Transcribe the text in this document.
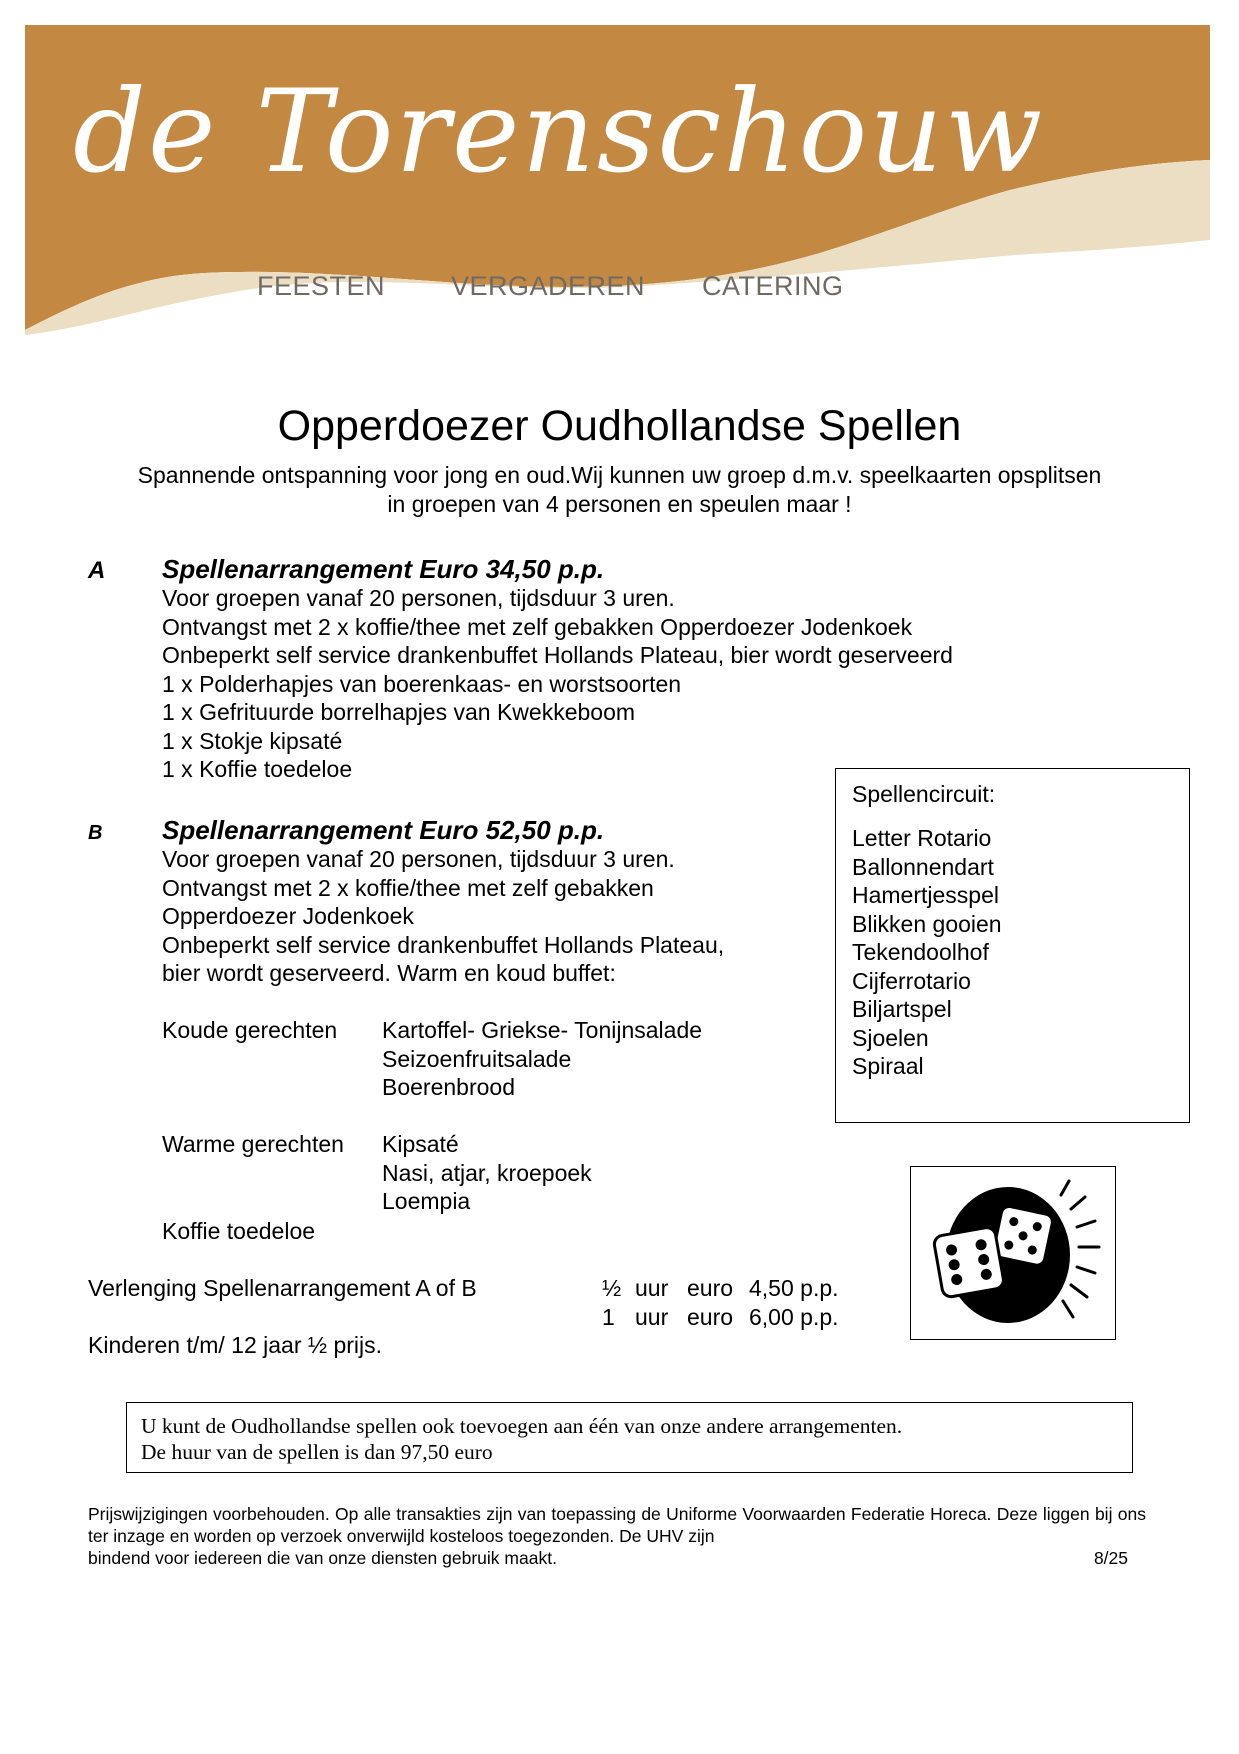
de Torenschouw
FEESTEN VERGADEREN CATERING
Opperdoezer Oudhollandse Spellen
Spannende ontspanning voor jong en oud.Wij kunnen uw groep d.m.v. speelkaarten opsplitsen
in groepen van 4 personen en speulen maar !
A Spellenarrangement Euro 34,50 p.p.
Voor groepen vanaf 20 personen, tijdsduur 3 uren.
Ontvangst met 2 x koffie/thee met zelf gebakken Opperdoezer Jodenkoek
Onbeperkt self service drankenbuffet Hollands Plateau, bier wordt geserveerd
1 x Polderhapjes van boerenkaas- en worstsoorten
1 x Gefrituurde borrelhapjes van Kwekkeboom
1 x Stokje kipsaté
1 x Koffie toedeloe
B Spellenarrangement Euro 52,50 p.p.
Voor groepen vanaf 20 personen, tijdsduur 3 uren.
Ontvangst met 2 x koffie/thee met zelf gebakken
Opperdoezer Jodenkoek
Onbeperkt self service drankenbuffet Hollands Plateau,
bier wordt geserveerd. Warm en koud buffet:
Koude gerechten Kartoffel- Griekse- Tonijnsalade
Seizoenfruitsalade
Boerenbrood
Warme gerechten Kipsaté
Nasi, atjar, kroepoek
Loempia
Koffie toedeloe
Verlenging Spellenarrangement A of B	½ uur euro 4,50 p.p.
1 uur euro 6,00 p.p.
Kinderen t/m/ 12 jaar ½ prijs.
Spellencircuit:
Letter Rotario
Ballonnendart
Hamertjesspel
Blikken gooien
Tekendoolhof
Cijferrotario
Biljartspel
Sjoelen
Spiraal
U kunt de Oudhollandse spellen ook toevoegen aan één van onze andere arrangementen.
De huur van de spellen is dan 97,50 euro
Prijswijzigingen voorbehouden. Op alle transakties zijn van toepassing de Uniforme Voorwaarden Federatie Horeca. Deze liggen bij ons ter inzage en worden op verzoek onverwijld kosteloos toegezonden. De UHV zijn
bindend voor iedereen die van onze diensten gebruik maakt.	8/25
